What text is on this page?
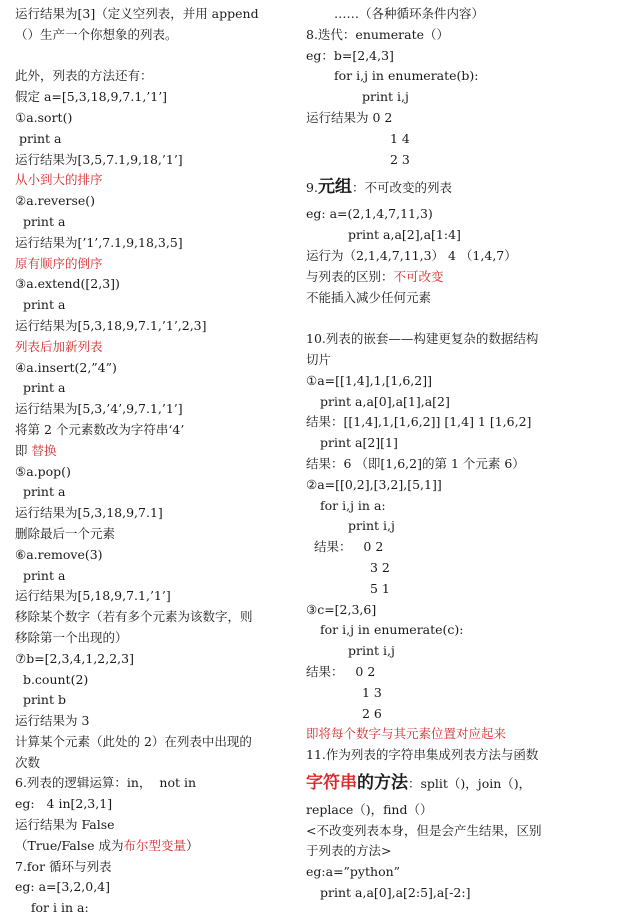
运行结果为[3]（定义空列表，并用 append
（）生产一个你想象的列表。
此外，列表的方法还有：
假定 a=[5,3,18,9,7.1,’1’]
①a.sort()
print a
运行结果为[3,5,7.1,9,18,’1’]
从小到大的排序
②a.reverse()
print a
运行结果为[’1’,7.1,9,18,3,5]
原有顺序的倒序
③a.extend([2,3])
print a
运行结果为[5,3,18,9,7.1,’1’,2,3]
列表后加新列表
④a.insert(2,”4”)
print a
运行结果为[5,3,’4’,9,7.1,’1’]
将第 2 个元素数改为字符串‘4’
即 替换
⑤a.pop()
print a
运行结果为[5,3,18,9,7.1]
删除最后一个元素
⑥a.remove(3)
print a
运行结果为[5,18,9,7.1,’1’]
移除某个数字（若有多个元素为该数字，则
移除第一个出现的）
⑦b=[2,3,4,1,2,2,3]
b.count(2)
print b
运行结果为 3
计算某个元素（此处的 2）在列表中出现的
次数
6.列表的逻辑运算：in，  not in
eg:   4 in[2,3,1]
运行结果为 False
（True/False 成为布尔型变量）
7.for 循环与列表
eg: a=[3,2,0,4]
for i in a:
……（各种循环条件内容）
8.迭代：enumerate（）
eg：b=[2,4,3]
for i,j in enumerate(b):
print i,j
运行结果为 0 2
1 4
2 3
9.元组：不可改变的列表
eg: a=(2,1,4,7,11,3)
print a,a[2],a[1:4]
运行为（2,1,4,7,11,3） 4 （1,4,7）
与列表的区别：不可改变
不能插入减少任何元素
10.列表的嵌套——构建更复杂的数据结构
切片
①a=[[1,4],1,[1,6,2]]
print a,a[0],a[1],a[2]
结果：[[1,4],1,[1,6,2]] [1,4] 1 [1,6,2]
print a[2][1]
结果：6 （即[1,6,2]的第 1 个元素 6）
②a=[[0,2],[3,2],[5,1]]
for i,j in a:
print i,j
结果：   0 2
3 2
5 1
③c=[2,3,6]
for i,j in enumerate(c):
print i,j
结果：   0 2
1 3
2 6
即将每个数字与其元素位置对应起来
11.作为列表的字符串集成列表方法与函数
字符串的方法：split（)，join（)，
replace（)，find（）
<不改变列表本身，但是会产生结果，区别
于列表的方法>
eg:a=”python”
print a,a[0],a[2:5],a[-2:]
